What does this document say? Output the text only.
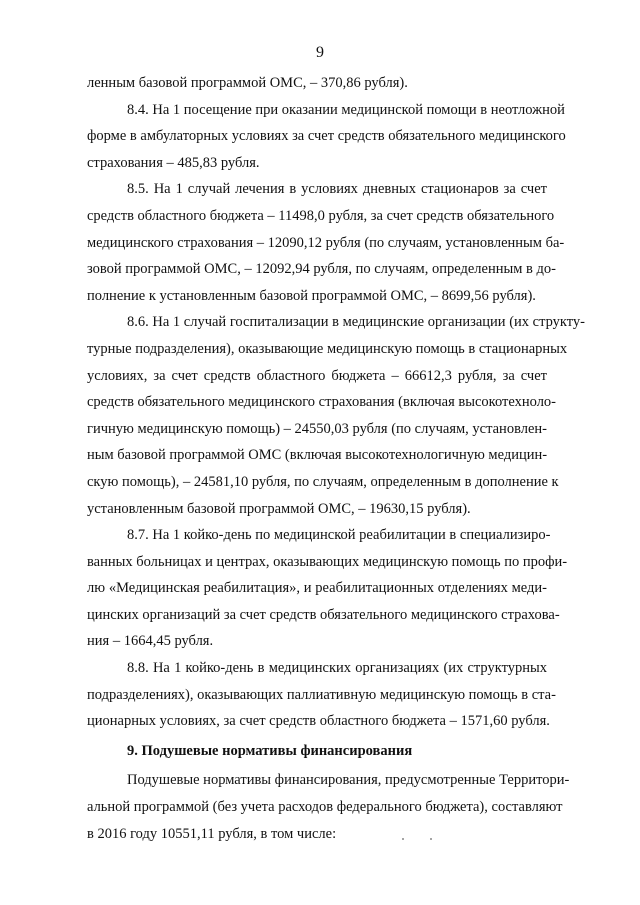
9
ленным базовой программой ОМС, – 370,86 рубля).
8.4. На 1 посещение при оказании медицинской помощи в неотложной
форме в амбулаторных условиях за счет средств обязательного медицинского
страхования – 485,83 рубля.
8.5. На 1 случай лечения в условиях дневных стационаров за счет
средств областного бюджета – 11498,0 рубля, за счет средств обязательного
медицинского страхования – 12090,12 рубля (по случаям, установленным ба-
зовой программой ОМС, – 12092,94 рубля, по случаям, определенным в до-
полнение к установленным базовой программой ОМС, – 8699,56 рубля).
8.6. На 1 случай госпитализации в медицинские организации (их структу-
турные подразделения), оказывающие медицинскую помощь в стационарных
условиях, за счет средств областного бюджета – 66612,3 рубля, за счет
средств обязательного медицинского страхования (включая высокотехноло-
гичную медицинскую помощь) – 24550,03 рубля (по случаям, установлен-
ным базовой программой ОМС (включая высокотехнологичную медицин-
скую помощь), – 24581,10 рубля, по случаям, определенным в дополнение к
установленным базовой программой ОМС, – 19630,15 рубля).
8.7. На 1 койко-день по медицинской реабилитации в специализиро-
ванных больницах и центрах, оказывающих медицинскую помощь по профи-
лю «Медицинская реабилитация», и реабилитационных отделениях меди-
цинских организаций за счет средств обязательного медицинского страхова-
ния – 1664,45 рубля.
8.8. На 1 койко-день в медицинских организациях (их структурных
подразделениях), оказывающих паллиативную медицинскую помощь в ста-
ционарных условиях, за счет средств областного бюджета – 1571,60 рубля.
9. Подушевые нормативы финансирования
Подушевые нормативы финансирования, предусмотренные Территори-
альной программой (без учета расходов федерального бюджета), составляют
в 2016 году 10551,11 рубля, в том числе:
